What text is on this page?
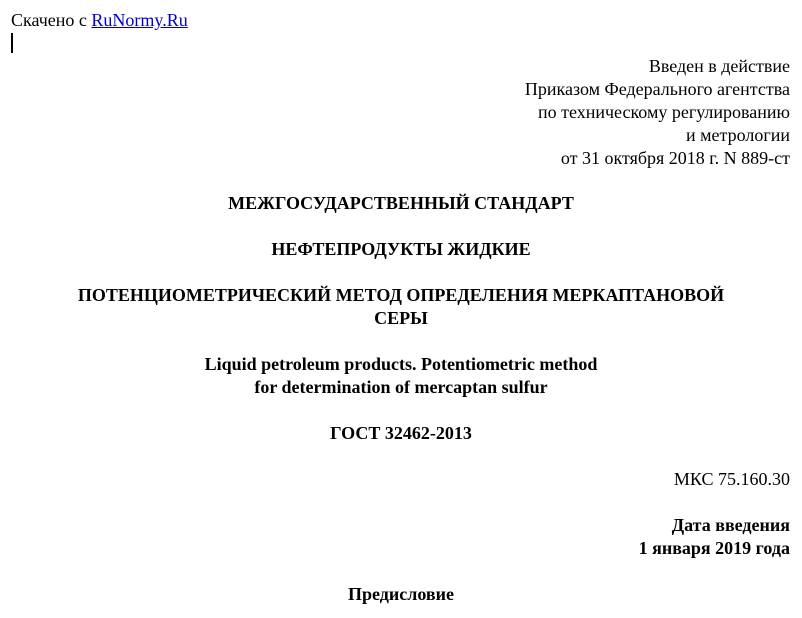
Скачено с RuNormy.Ru
Введен в действие
Приказом Федерального агентства
по техническому регулированию
и метрологии
от 31 октября 2018 г. N 889-ст
МЕЖГОСУДАРСТВЕННЫЙ СТАНДАРТ
НЕФТЕПРОДУКТЫ ЖИДКИЕ
ПОТЕНЦИОМЕТРИЧЕСКИЙ МЕТОД ОПРЕДЕЛЕНИЯ МЕРКАПТАНОВОЙ
СЕРЫ
Liquid petroleum products. Potentiometric method
for determination of mercaptan sulfur
ГОСТ 32462-2013
МКС 75.160.30
Дата введения
1 января 2019 года
Предисловие
